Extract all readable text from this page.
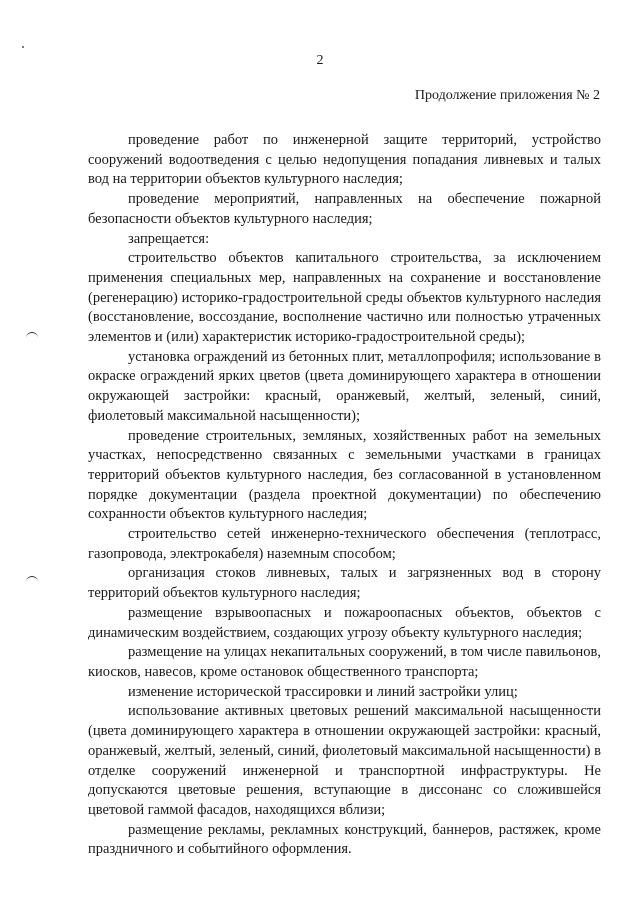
2
Продолжение приложения № 2

проведение работ по инженерной защите территорий, устройство сооружений водоотведения с целью недопущения попадания ливневых и талых вод на территории объектов культурного наследия;

проведение мероприятий, направленных на обеспечение пожарной безопасности объектов культурного наследия;

запрещается:

строительство объектов капитального строительства, за исключением применения специальных мер, направленных на сохранение и восстановление (регенерацию) историко-градостроительной среды объектов культурного наследия (восстановление, воссоздание, восполнение частично или полностью утраченных элементов и (или) характеристик историко-градостроительной среды);

установка ограждений из бетонных плит, металлопрофиля; использование в окраске ограждений ярких цветов (цвета доминирующего характера в отношении окружающей застройки: красный, оранжевый, желтый, зеленый, синий, фиолетовый максимальной насыщенности);

проведение строительных, земляных, хозяйственных работ на земельных участках, непосредственно связанных с земельными участками в границах территорий объектов культурного наследия, без согласованной в установленном порядке документации (раздела проектной документации) по обеспечению сохранности объектов культурного наследия;

строительство сетей инженерно-технического обеспечения (теплотрасс, газопровода, электрокабеля) наземным способом;

организация стоков ливневых, талых и загрязненных вод в сторону территорий объектов культурного наследия;

размещение взрывоопасных и пожароопасных объектов, объектов с динамическим воздействием, создающих угрозу объекту культурного наследия;

размещение на улицах некапитальных сооружений, в том числе павильонов, киосков, навесов, кроме остановок общественного транспорта;

изменение исторической трассировки и линий застройки улиц;

использование активных цветовых решений максимальной насыщенности (цвета доминирующего характера в отношении окружающей застройки: красный, оранжевый, желтый, зеленый, синий, фиолетовый максимальной насыщенности) в отделке сооружений инженерной и транспортной инфраструктуры. Не допускаются цветовые решения, вступающие в диссонанс со сложившейся цветовой гаммой фасадов, находящихся вблизи;

размещение рекламы, рекламных конструкций, баннеров, растяжек, кроме праздничного и событийного оформления.
